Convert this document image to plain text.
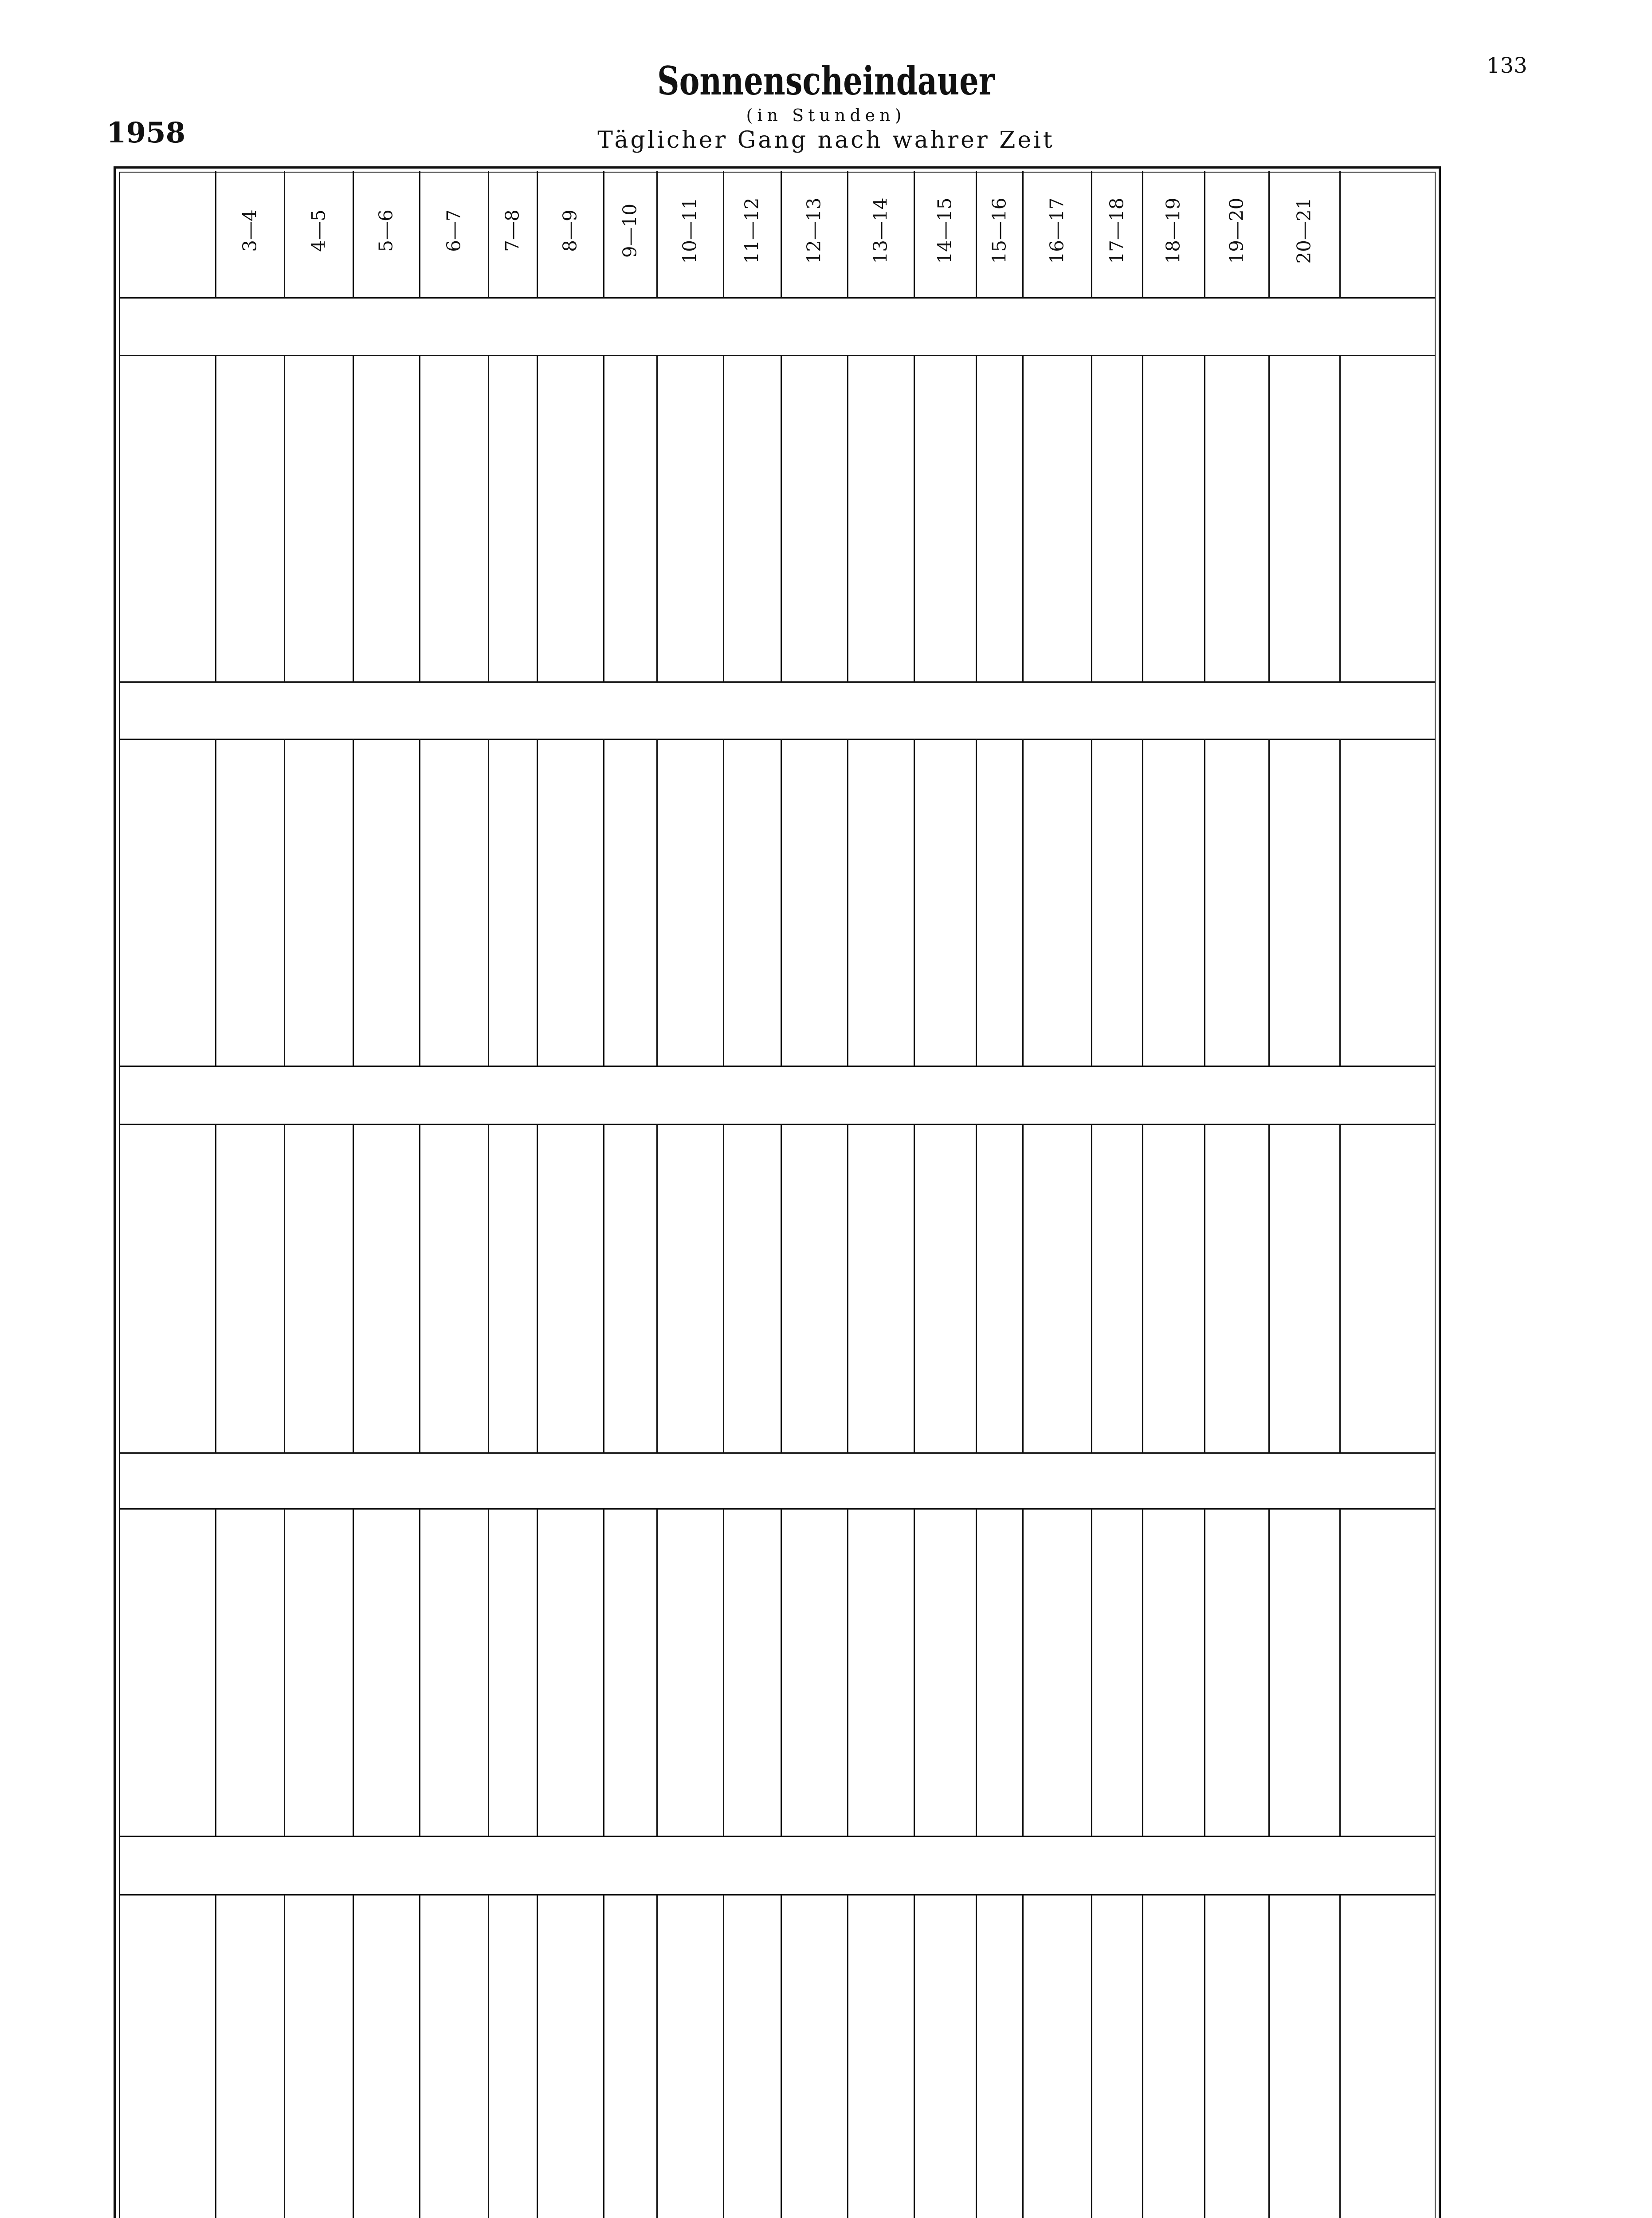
133
1958
Sonnenscheindauer
(in Stunden)
Täglicher Gang nach wahrer Zeit
3—4	4—5 5—6 6—7 7—8 8—9 9—10 10—11 11—12 12—13 13—14 14—15 15—16 16—17 17—18 18—19 19—20 20—21
